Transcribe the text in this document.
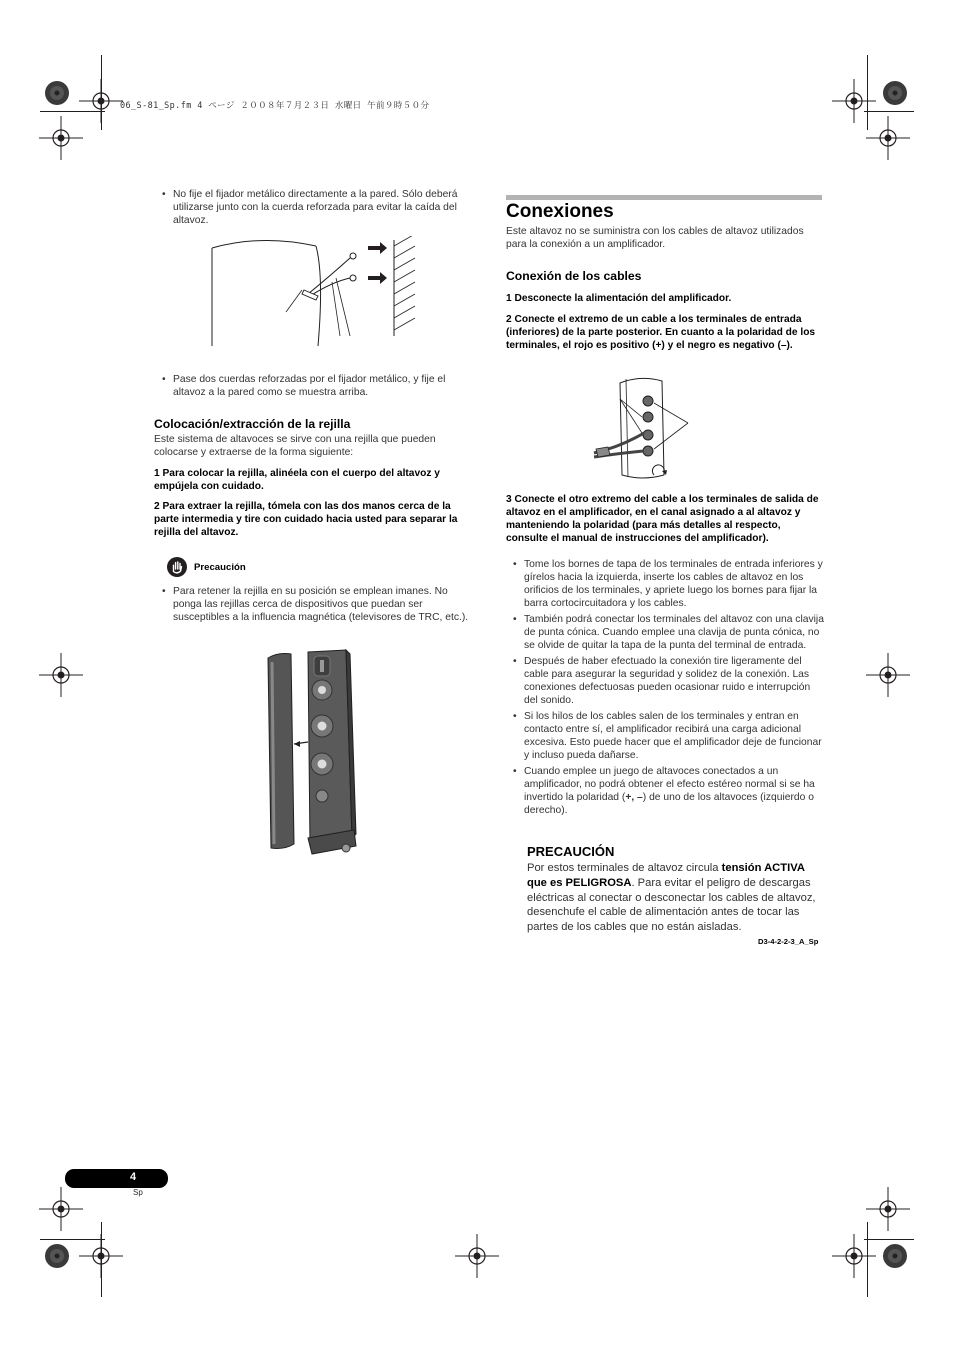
06_S-81_Sp.fm 4 ページ ２００８年７月２３日 水曜日 午前９時５０分
• No fije el fijador metálico directamente a la pared. Sólo deberá utilizarse junto con la cuerda reforzada para evitar la caída del altavoz.
• Pase dos cuerdas reforzadas por el fijador metálico, y fije el altavoz a la pared como se muestra arriba.
Colocación/extracción de la rejilla
Este sistema de altavoces se sirve con una rejilla que pueden colocarse y extraerse de la forma siguiente:
1 Para colocar la rejilla, alinéela con el cuerpo del altavoz y empújela con cuidado.
2 Para extraer la rejilla, tómela con las dos manos cerca de la parte intermedia y tire con cuidado hacia usted para separar la rejilla del altavoz.
Precaución
• Para retener la rejilla en su posición se emplean imanes. No ponga las rejillas cerca de dispositivos que puedan ser susceptibles a la influencia magnética (televisores de TRC, etc.).
Conexiones
Este altavoz no se suministra con los cables de altavoz utilizados para la conexión a un amplificador.
Conexión de los cables
1 Desconecte la alimentación del amplificador.
2 Conecte el extremo de un cable a los terminales de entrada (inferiores) de la parte posterior. En cuanto a la polaridad de los terminales, el rojo es positivo (+) y el negro es negativo (–).
3 Conecte el otro extremo del cable a los terminales de salida de altavoz en el amplificador, en el canal asignado a al altavoz y manteniendo la polaridad (para más detalles al respecto, consulte el manual de instrucciones del amplificador).
• Tome los bornes de tapa de los terminales de entrada inferiores y gírelos hacia la izquierda, inserte los cables de altavoz en los orificios de los terminales, y apriete luego los bornes para fijar la barra cortocircuitadora y los cables.
• También podrá conectar los terminales del altavoz con una clavija de punta cónica. Cuando emplee una clavija de punta cónica, no se olvide de quitar la tapa de la punta del terminal de entrada.
• Después de haber efectuado la conexión tire ligeramente del cable para asegurar la seguridad y solidez de la conexión. Las conexiones defectuosas pueden ocasionar ruido e interrupción del sonido.
• Si los hilos de los cables salen de los terminales y entran en contacto entre sí, el amplificador recibirá una carga adicional excesiva. Esto puede hacer que el amplificador deje de funcionar y incluso pueda dañarse.
• Cuando emplee un juego de altavoces conectados a un amplificador, no podrá obtener el efecto estéreo normal si se ha invertido la polaridad (+, –) de uno de los altavoces (izquierdo o derecho).
PRECAUCIÓN
Por estos terminales de altavoz circula tensión ACTIVA que es PELIGROSA. Para evitar el peligro de descargas eléctricas al conectar o desconectar los cables de altavoz, desenchufe el cable de alimentación antes de tocar las partes de los cables que no están aisladas.
D3-4-2-2-3_A_Sp
4
Sp
